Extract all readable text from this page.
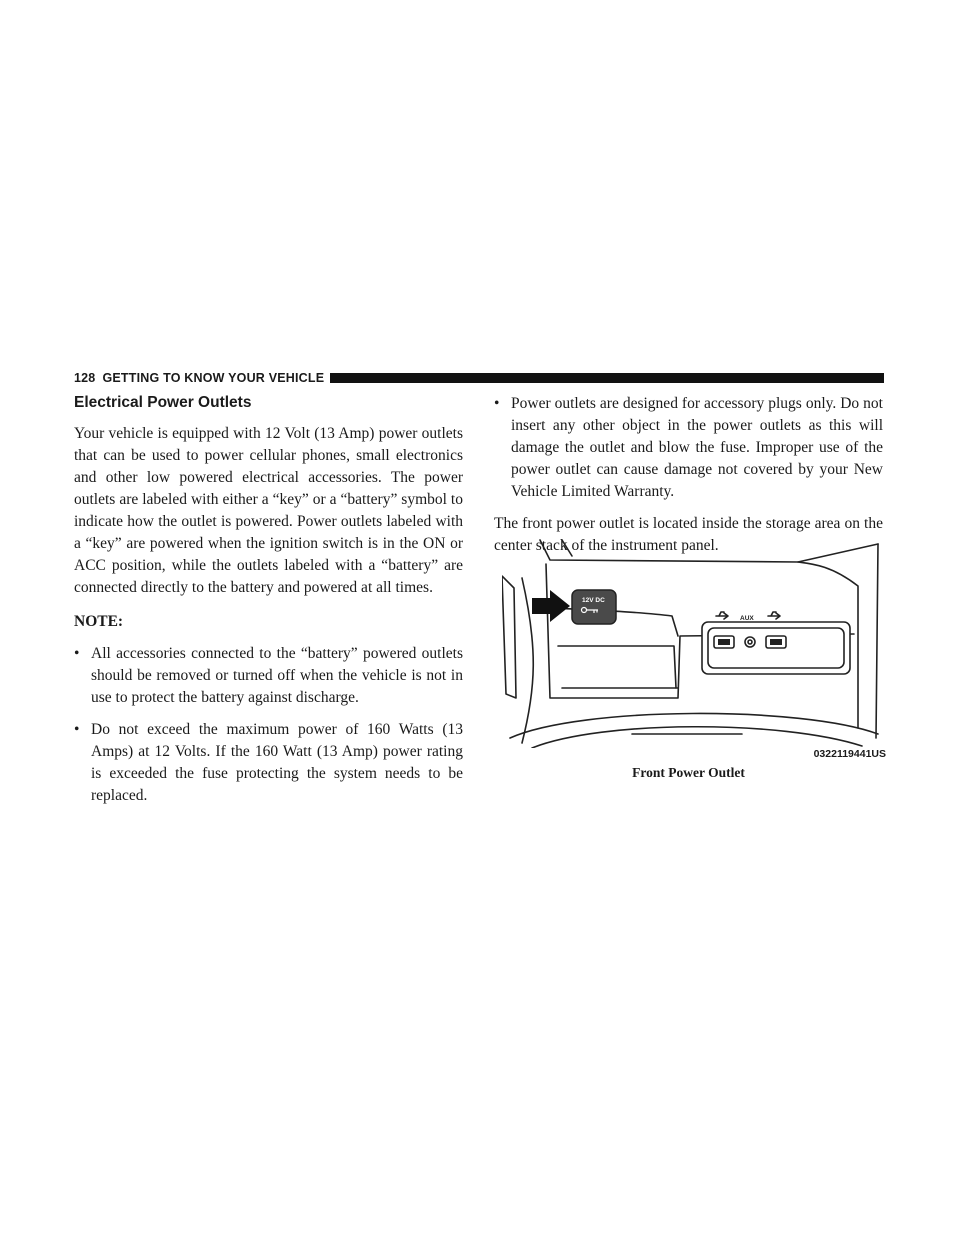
128 GETTING TO KNOW YOUR VEHICLE
Electrical Power Outlets

Your vehicle is equipped with 12 Volt (13 Amp) power outlets that can be used to power cellular phones, small electronics and other low powered electrical accessories. The power outlets are labeled with either a “key” or a “battery” symbol to indicate how the outlet is powered. Power outlets labeled with a “key” are powered when the ignition switch is in the ON or ACC position, while the outlets labeled with a “battery” are connected directly to the battery and powered at all times.

NOTE:
• All accessories connected to the “battery” powered outlets should be removed or turned off when the vehicle is not in use to protect the battery against discharge.
• Do not exceed the maximum power of 160 Watts (13 Amps) at 12 Volts. If the 160 Watt (13 Amp) power rating is exceeded the fuse protecting the system needs to be replaced.
• Power outlets are designed for accessory plugs only. Do not insert any other object in the power outlets as this will damage the outlet and blow the fuse. Improper use of the power outlet can cause damage not covered by your New Vehicle Limited Warranty.

The front power outlet is located inside the storage area on the center stack of the instrument panel.

12V DC
AUX
0322119441US
Front Power Outlet
